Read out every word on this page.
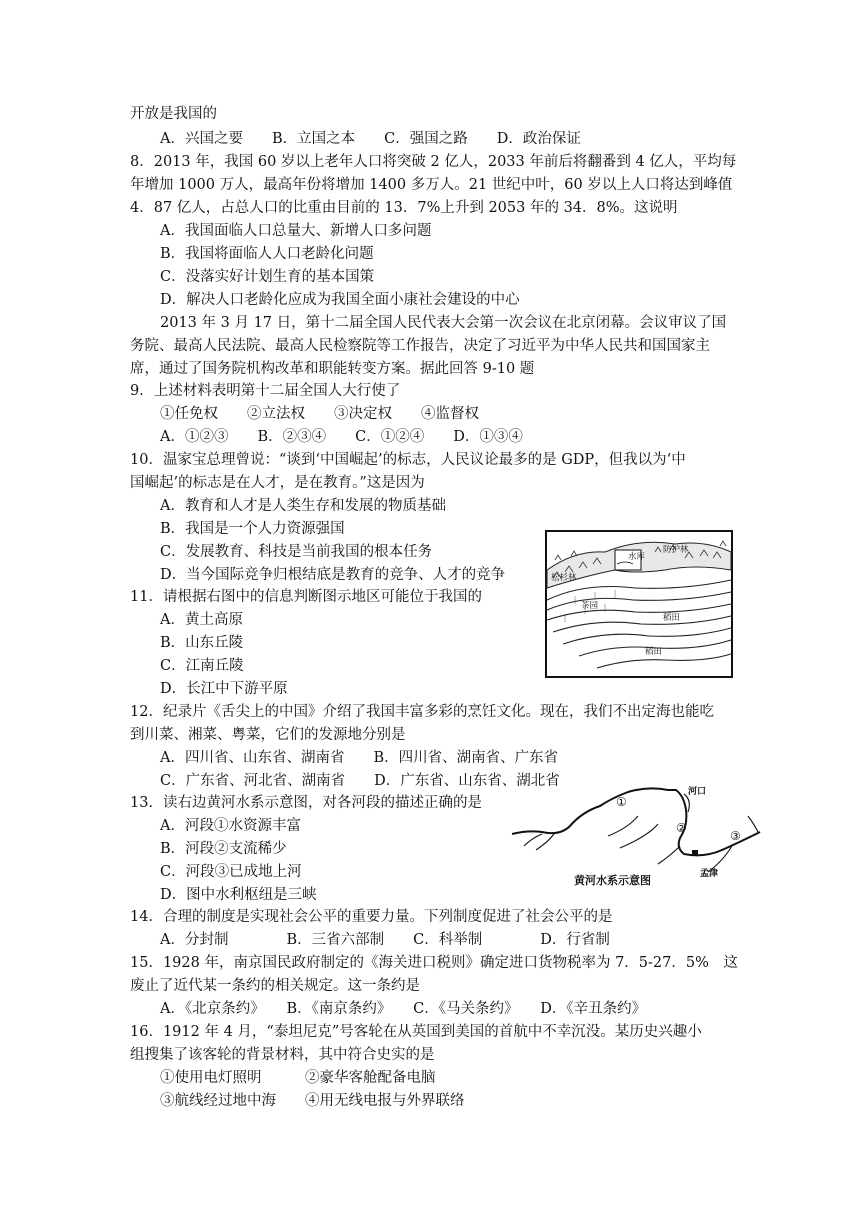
开放是我国的
A．兴国之要　　B．立国之本　　C．强国之路　　D．政治保证
8．2013 年，我国 60 岁以上老年人口将突破 2 亿人，2033 年前后将翻番到 4 亿人，平均每
年增加 1000 万人，最高年份将增加 1400 多万人。21 世纪中叶，60 岁以上人口将达到峰值
4．87 亿人，占总人口的比重由目前的 13．7%上升到 2053 年的 34．8%。这说明
A．我国面临人口总量大、新增人口多问题
B．我国将面临人人口老龄化问题
C．没落实好计划生育的基本国策
D．解决人口老龄化应成为我国全面小康社会建设的中心
2013 年 3 月 17 日，第十二届全国人民代表大会第一次会议在北京闭幕。会议审议了国
务院、最高人民法院、最高人民检察院等工作报告，决定了习近平为中华人民共和国国家主
席，通过了国务院机构改革和职能转变方案。据此回答 9-10 题
9．上述材料表明第十二届全国人大行使了
①任免权　　②立法权　　③决定权　　④监督权
A．①②③　　B．②③④　　C．①②④　　D．①③④
10．温家宝总理曾说：“谈到‘中国崛起’的标志，人民议论最多的是 GDP，但我以为‘中
国崛起’的标志是在人才，是在教育。”这是因为
A．教育和人才是人类生存和发展的物质基础
B．我国是一个人力资源强国
C．发展教育、科技是当前我国的根本任务
D．当今国际竞争归根结底是教育的竞争、人才的竞争
11．请根据右图中的信息判断图示地区可能位于我国的
A．黄土高原
B．山东丘陵
C．江南丘陵
D．长江中下游平原
12．纪录片《舌尖上的中国》介绍了我国丰富多彩的烹饪文化。现在，我们不出定海也能吃
到川菜、湘菜、粤菜，它们的发源地分别是
A．四川省、山东省、湖南省　　B．四川省、湖南省、广东省
C．广东省、河北省、湖南省　　D．广东省、山东省、湖北省
13．读右边黄河水系示意图，对各河段的描述正确的是
A．河段①水资源丰富
B．河段②支流稀少
C．河段③已成地上河
D．图中水利枢纽是三峡
14．合理的制度是实现社会公平的重要力量。下列制度促进了社会公平的是
A．分封制　　　　B．三省六部制　　C．科举制　　　　D．行省制
15．1928 年，南京国民政府制定的《海关进口税则》确定进口货物税率为 7．5-27．5%　这
废止了近代某一条约的相关规定。这一条约是
A．《北京条约》　　B．《南京条约》　　C．《马关条约》　　D．《辛丑条约》
16．1912 年 4 月，“泰坦尼克”号客轮在从英国到美国的首航中不幸沉没。某历史兴趣小
组搜集了该客轮的背景材料，其中符合史实的是
①使用电灯照明　　　②豪华客舱配备电脑
③航线经过地中海　　④用无线电报与外界联络
水库
防护林
松杉林
茶园
稻田
稻田
河口
孟津
①
②
③
黄河水系示意图
